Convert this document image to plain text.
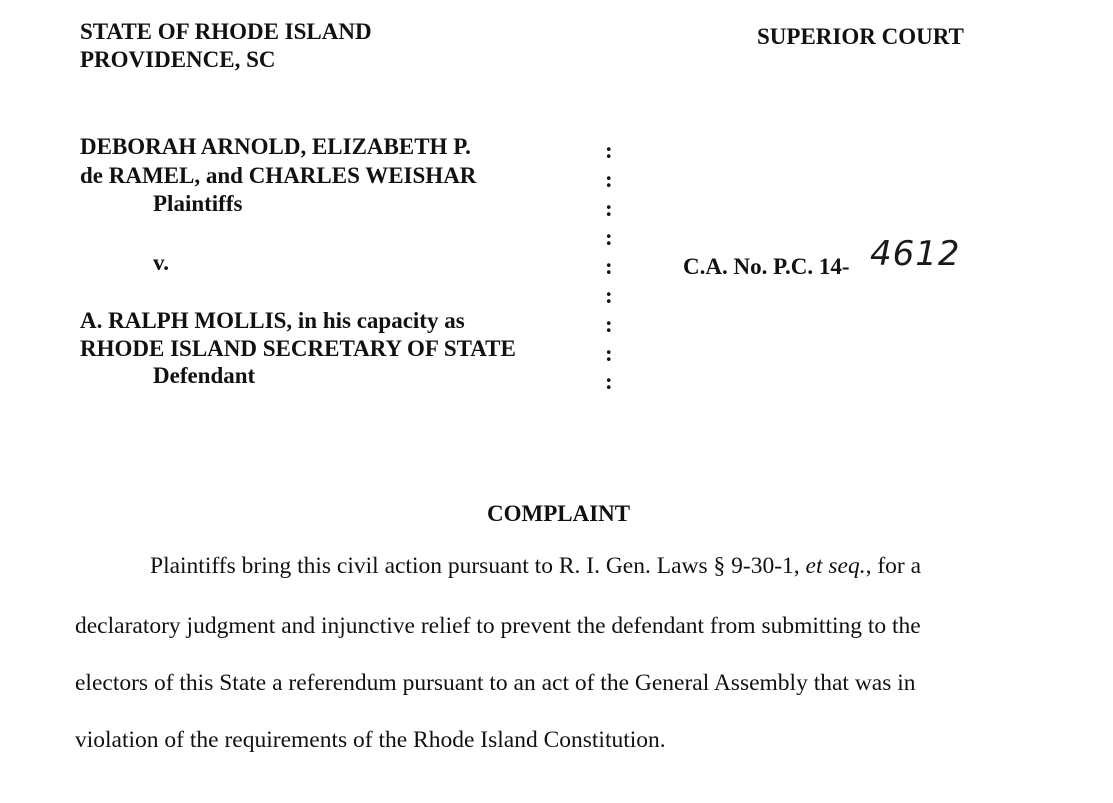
STATE OF RHODE ISLAND
PROVIDENCE, SC
SUPERIOR COURT
DEBORAH ARNOLD, ELIZABETH P.
de RAMEL, and CHARLES WEISHAR
Plaintiffs
v.
A. RALPH MOLLIS, in his capacity as
RHODE ISLAND SECRETARY OF STATE
Defendant
:
:
:
:
:
:
:
:
:
C.A. No. P.C. 14- 4612
COMPLAINT
Plaintiffs bring this civil action pursuant to R. I. Gen. Laws § 9-30-1, et seq., for a
declaratory judgment and injunctive relief to prevent the defendant from submitting to the
electors of this State a referendum pursuant to an act of the General Assembly that was in
violation of the requirements of the Rhode Island Constitution.
